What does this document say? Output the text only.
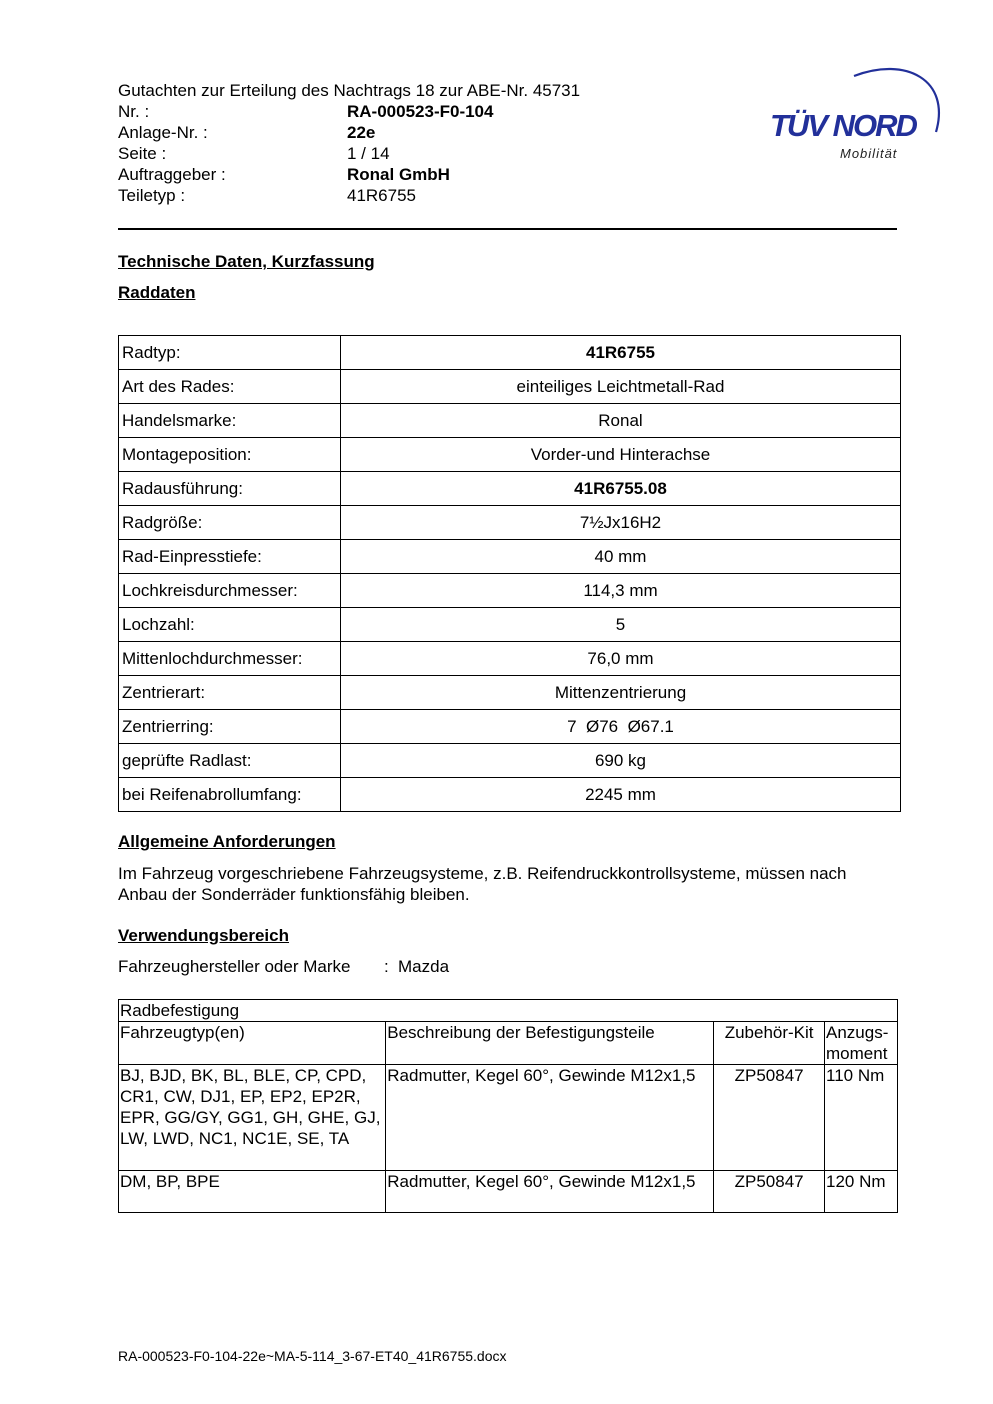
Gutachten zur Erteilung des Nachtrags 18 zur ABE-Nr. 45731
Nr. :	RA-000523-F0-104
Anlage-Nr. :	22e
Seite :	1 / 14
Auftraggeber :	Ronal GmbH
Teiletyp :	41R6755
TÜV NORD
Mobilität
Technische Daten, Kurzfassung
Raddaten
Radtyp:	41R6755
Art des Rades:	einteiliges Leichtmetall-Rad
Handelsmarke:	Ronal
Montageposition:	Vorder-und Hinterachse
Radausführung:	41R6755.08
Radgröße:	7½Jx16H2
Rad-Einpresstiefe:	40 mm
Lochkreisdurchmesser:	114,3 mm
Lochzahl:	5
Mittenlochdurchmesser:	76,0 mm
Zentrierart:	Mittenzentrierung
Zentrierring:	7  Ø76  Ø67.1
geprüfte Radlast:	690 kg
bei Reifenabrollumfang:	2245 mm
Allgemeine Anforderungen
Im Fahrzeug vorgeschriebene Fahrzeugsysteme, z.B. Reifendruckkontrollsysteme, müssen nach Anbau der Sonderräder funktionsfähig bleiben.
Verwendungsbereich
Fahrzeughersteller oder Marke : Mazda
Radbefestigung			
Fahrzeugtyp(en)	Beschreibung der Befestigungsteile	Zubehör-Kit	Anzugs-moment
BJ, BJD, BK, BL, BLE, CP, CPD, CR1, CW, DJ1, EP, EP2, EP2R, EPR, GG/GY, GG1, GH, GHE, GJ, LW, LWD, NC1, NC1E, SE, TA	Radmutter, Kegel 60°, Gewinde M12x1,5	ZP50847	110 Nm
DM, BP, BPE	Radmutter, Kegel 60°, Gewinde M12x1,5	ZP50847	120 Nm
RA-000523-F0-104-22e~MA-5-114_3-67-ET40_41R6755.docx
